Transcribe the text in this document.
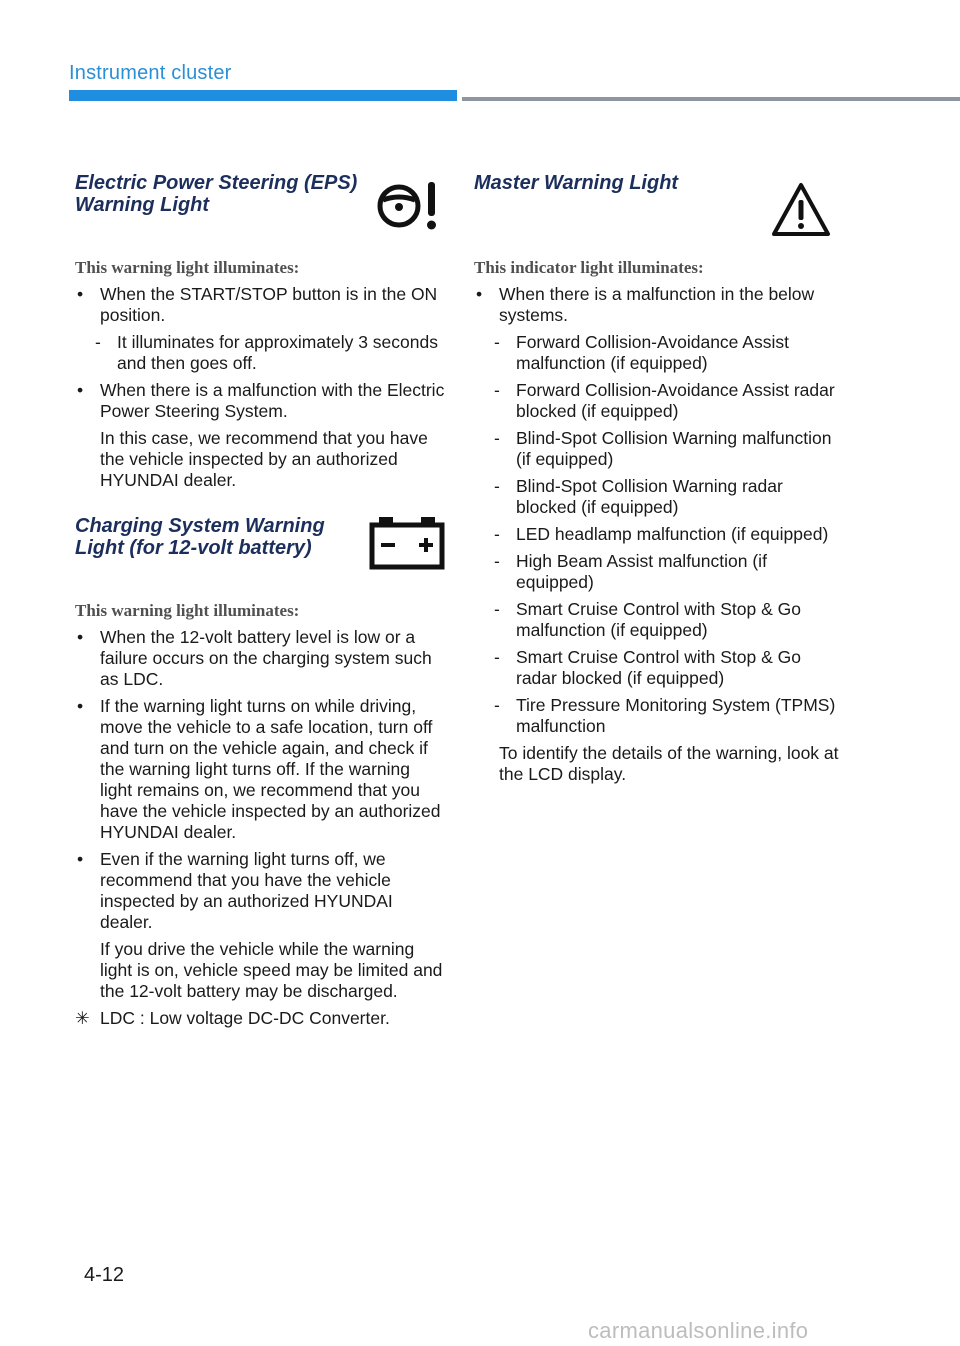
Instrument cluster
Electric Power Steering (EPS) Warning Light

This warning light illuminates:

• When the START/STOP button is in the ON position.
- It illuminates for approximately 3 seconds and then goes off.
• When there is a malfunction with the Electric Power Steering System.
In this case, we recommend that you have the vehicle inspected by an authorized HYUNDAI dealer.
Charging System Warning Light (for 12-volt battery)

This warning light illuminates:

• When the 12-volt battery level is low or a failure occurs on the charging system such as LDC.
• If the warning light turns on while driving, move the vehicle to a safe location, turn off and turn on the vehicle again, and check if the warning light turns off. If the warning light remains on, we recommend that you have the vehicle inspected by an authorized HYUNDAI dealer.
• Even if the warning light turns off, we recommend that you have the vehicle inspected by an authorized HYUNDAI dealer.
If you drive the vehicle while the warning light is on, vehicle speed may be limited and the 12-volt battery may be discharged.
✳ LDC : Low voltage DC-DC Converter.
Master Warning Light

This indicator light illuminates:

• When there is a malfunction in the below systems.
- Forward Collision-Avoidance Assist malfunction (if equipped)
- Forward Collision-Avoidance Assist radar blocked (if equipped)
- Blind-Spot Collision Warning malfunction (if equipped)
- Blind-Spot Collision Warning radar blocked (if equipped)
- LED headlamp malfunction (if equipped)
- High Beam Assist malfunction (if equipped)
- Smart Cruise Control with Stop & Go malfunction (if equipped)
- Smart Cruise Control with Stop & Go radar blocked (if equipped)
- Tire Pressure Monitoring System (TPMS) malfunction
To identify the details of the warning, look at the LCD display.
4-12
carmanualsonline.info
